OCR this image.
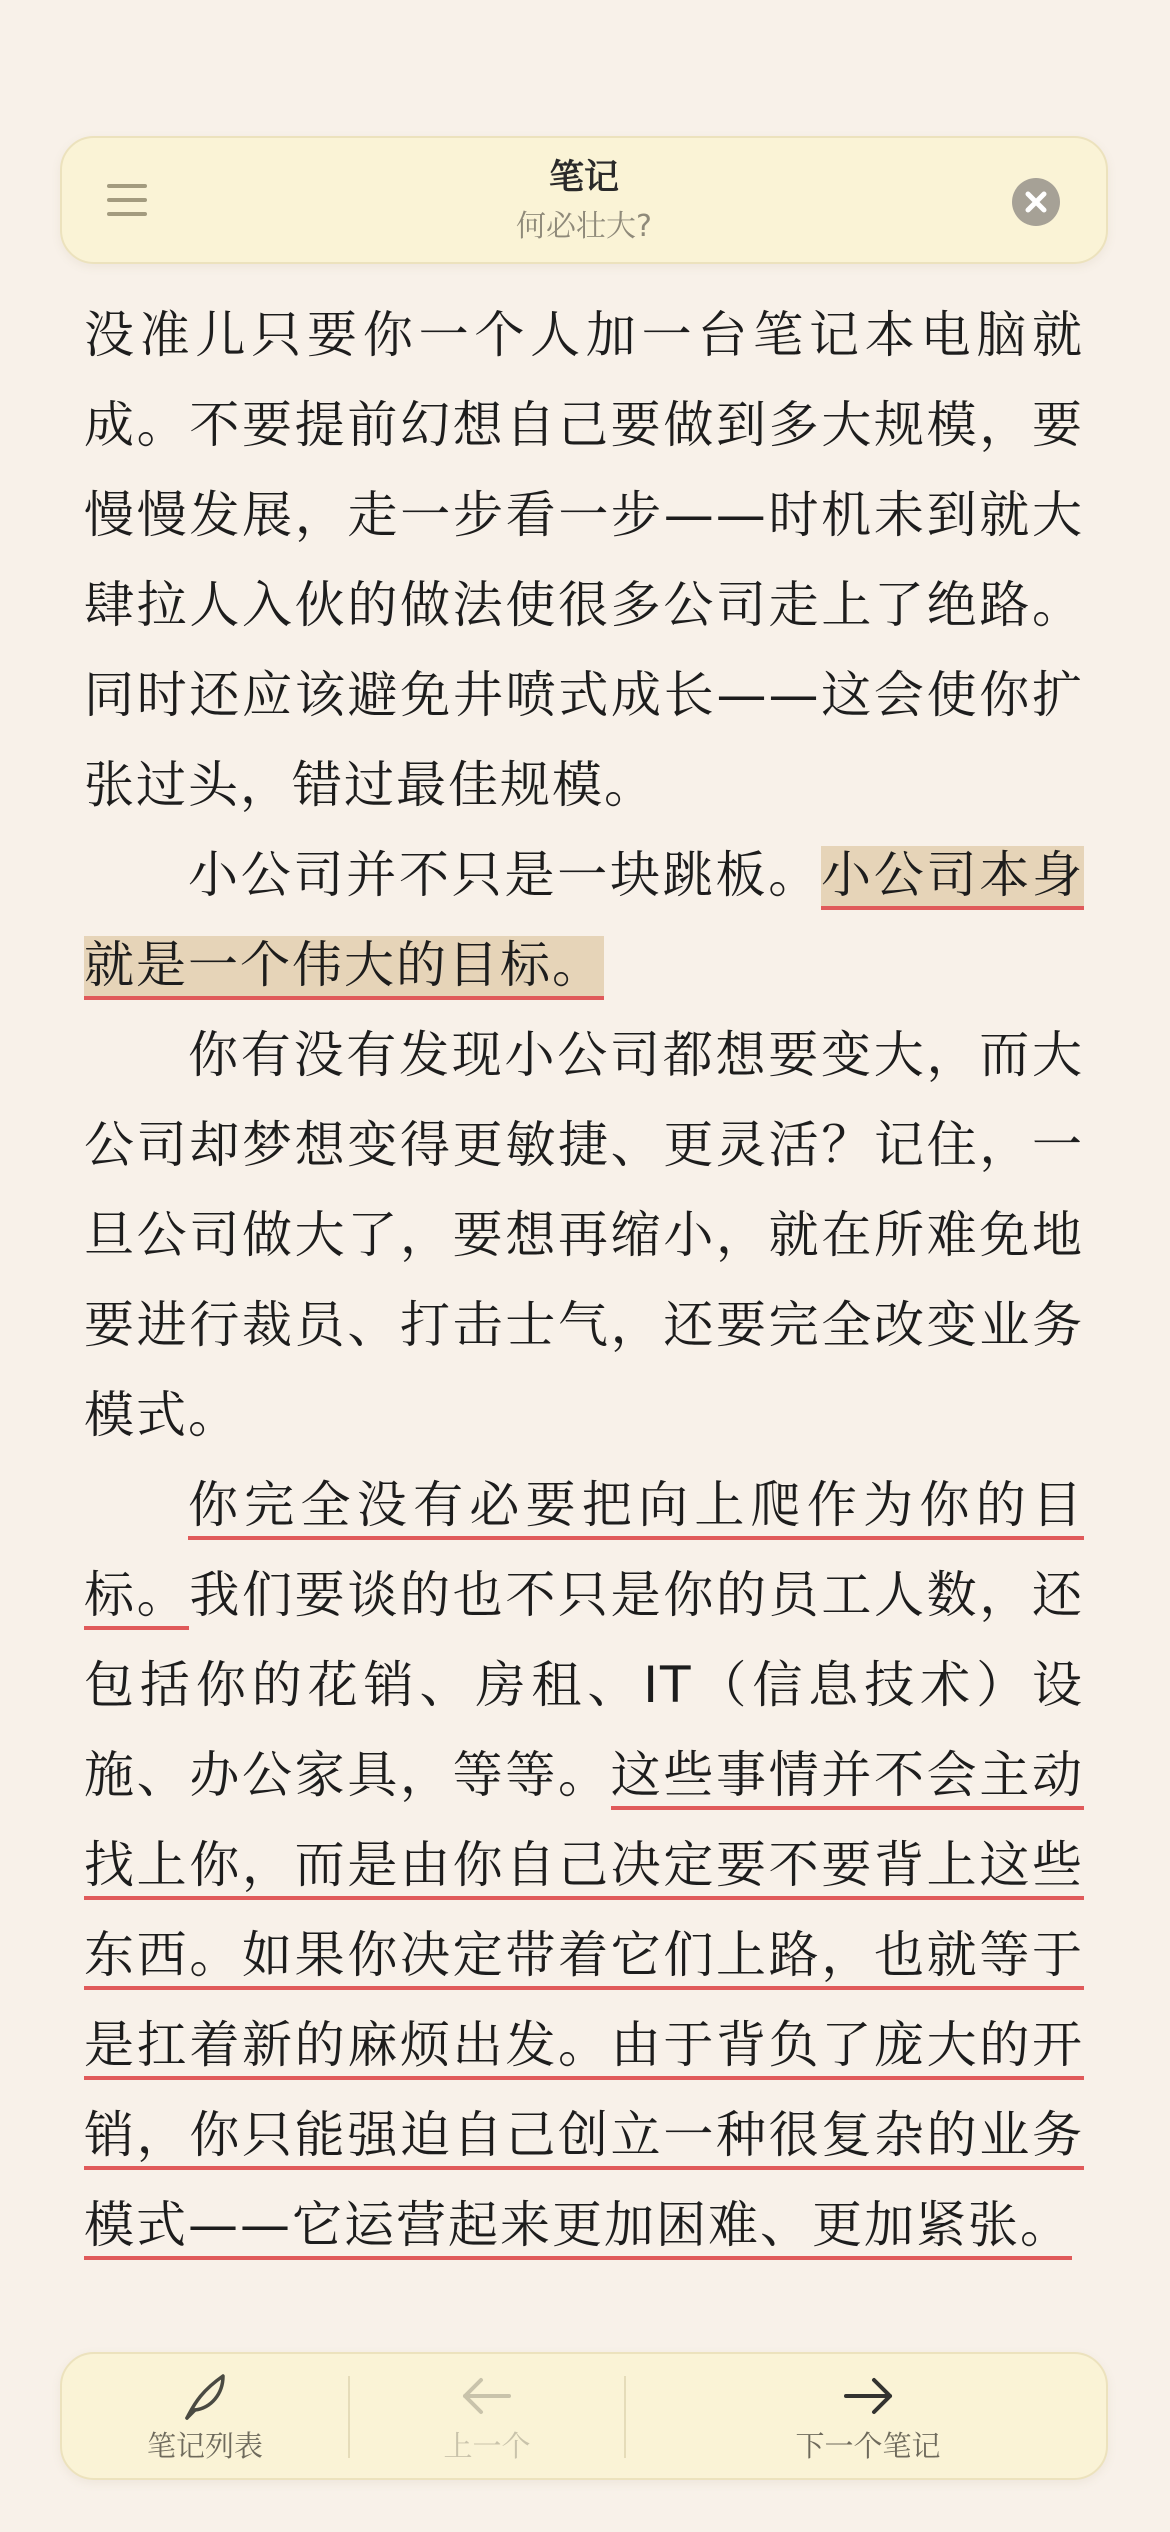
笔记
何必壮大?

没准儿只要你一个人加一台笔记本电脑就成。不要提前幻想自己要做到多大规模，要慢慢发展，走一步看一步——时机未到就大肆拉人入伙的做法使很多公司走上了绝路。同时还应该避免井喷式成长——这会使你扩张过头，错过最佳规模。

小公司并不只是一块跳板。小公司本身就是一个伟大的目标。

你有没有发现小公司都想要变大，而大公司却梦想变得更敏捷、更灵活？记住，一旦公司做大了，要想再缩小，就在所难免地要进行裁员、打击士气，还要完全改变业务模式。

你完全没有必要把向上爬作为你的目标。我们要谈的也不只是你的员工人数，还包括你的花销、房租、IT（信息技术）设施、办公家具，等等。这些事情并不会主动找上你，而是由你自己决定要不要背上这些东西。如果你决定带着它们上路，也就等于是扛着新的麻烦出发。由于背负了庞大的开销，你只能强迫自己创立一种很复杂的业务模式——它运营起来更加困难、更加紧张。

笔记列表	上一个	下一个笔记
